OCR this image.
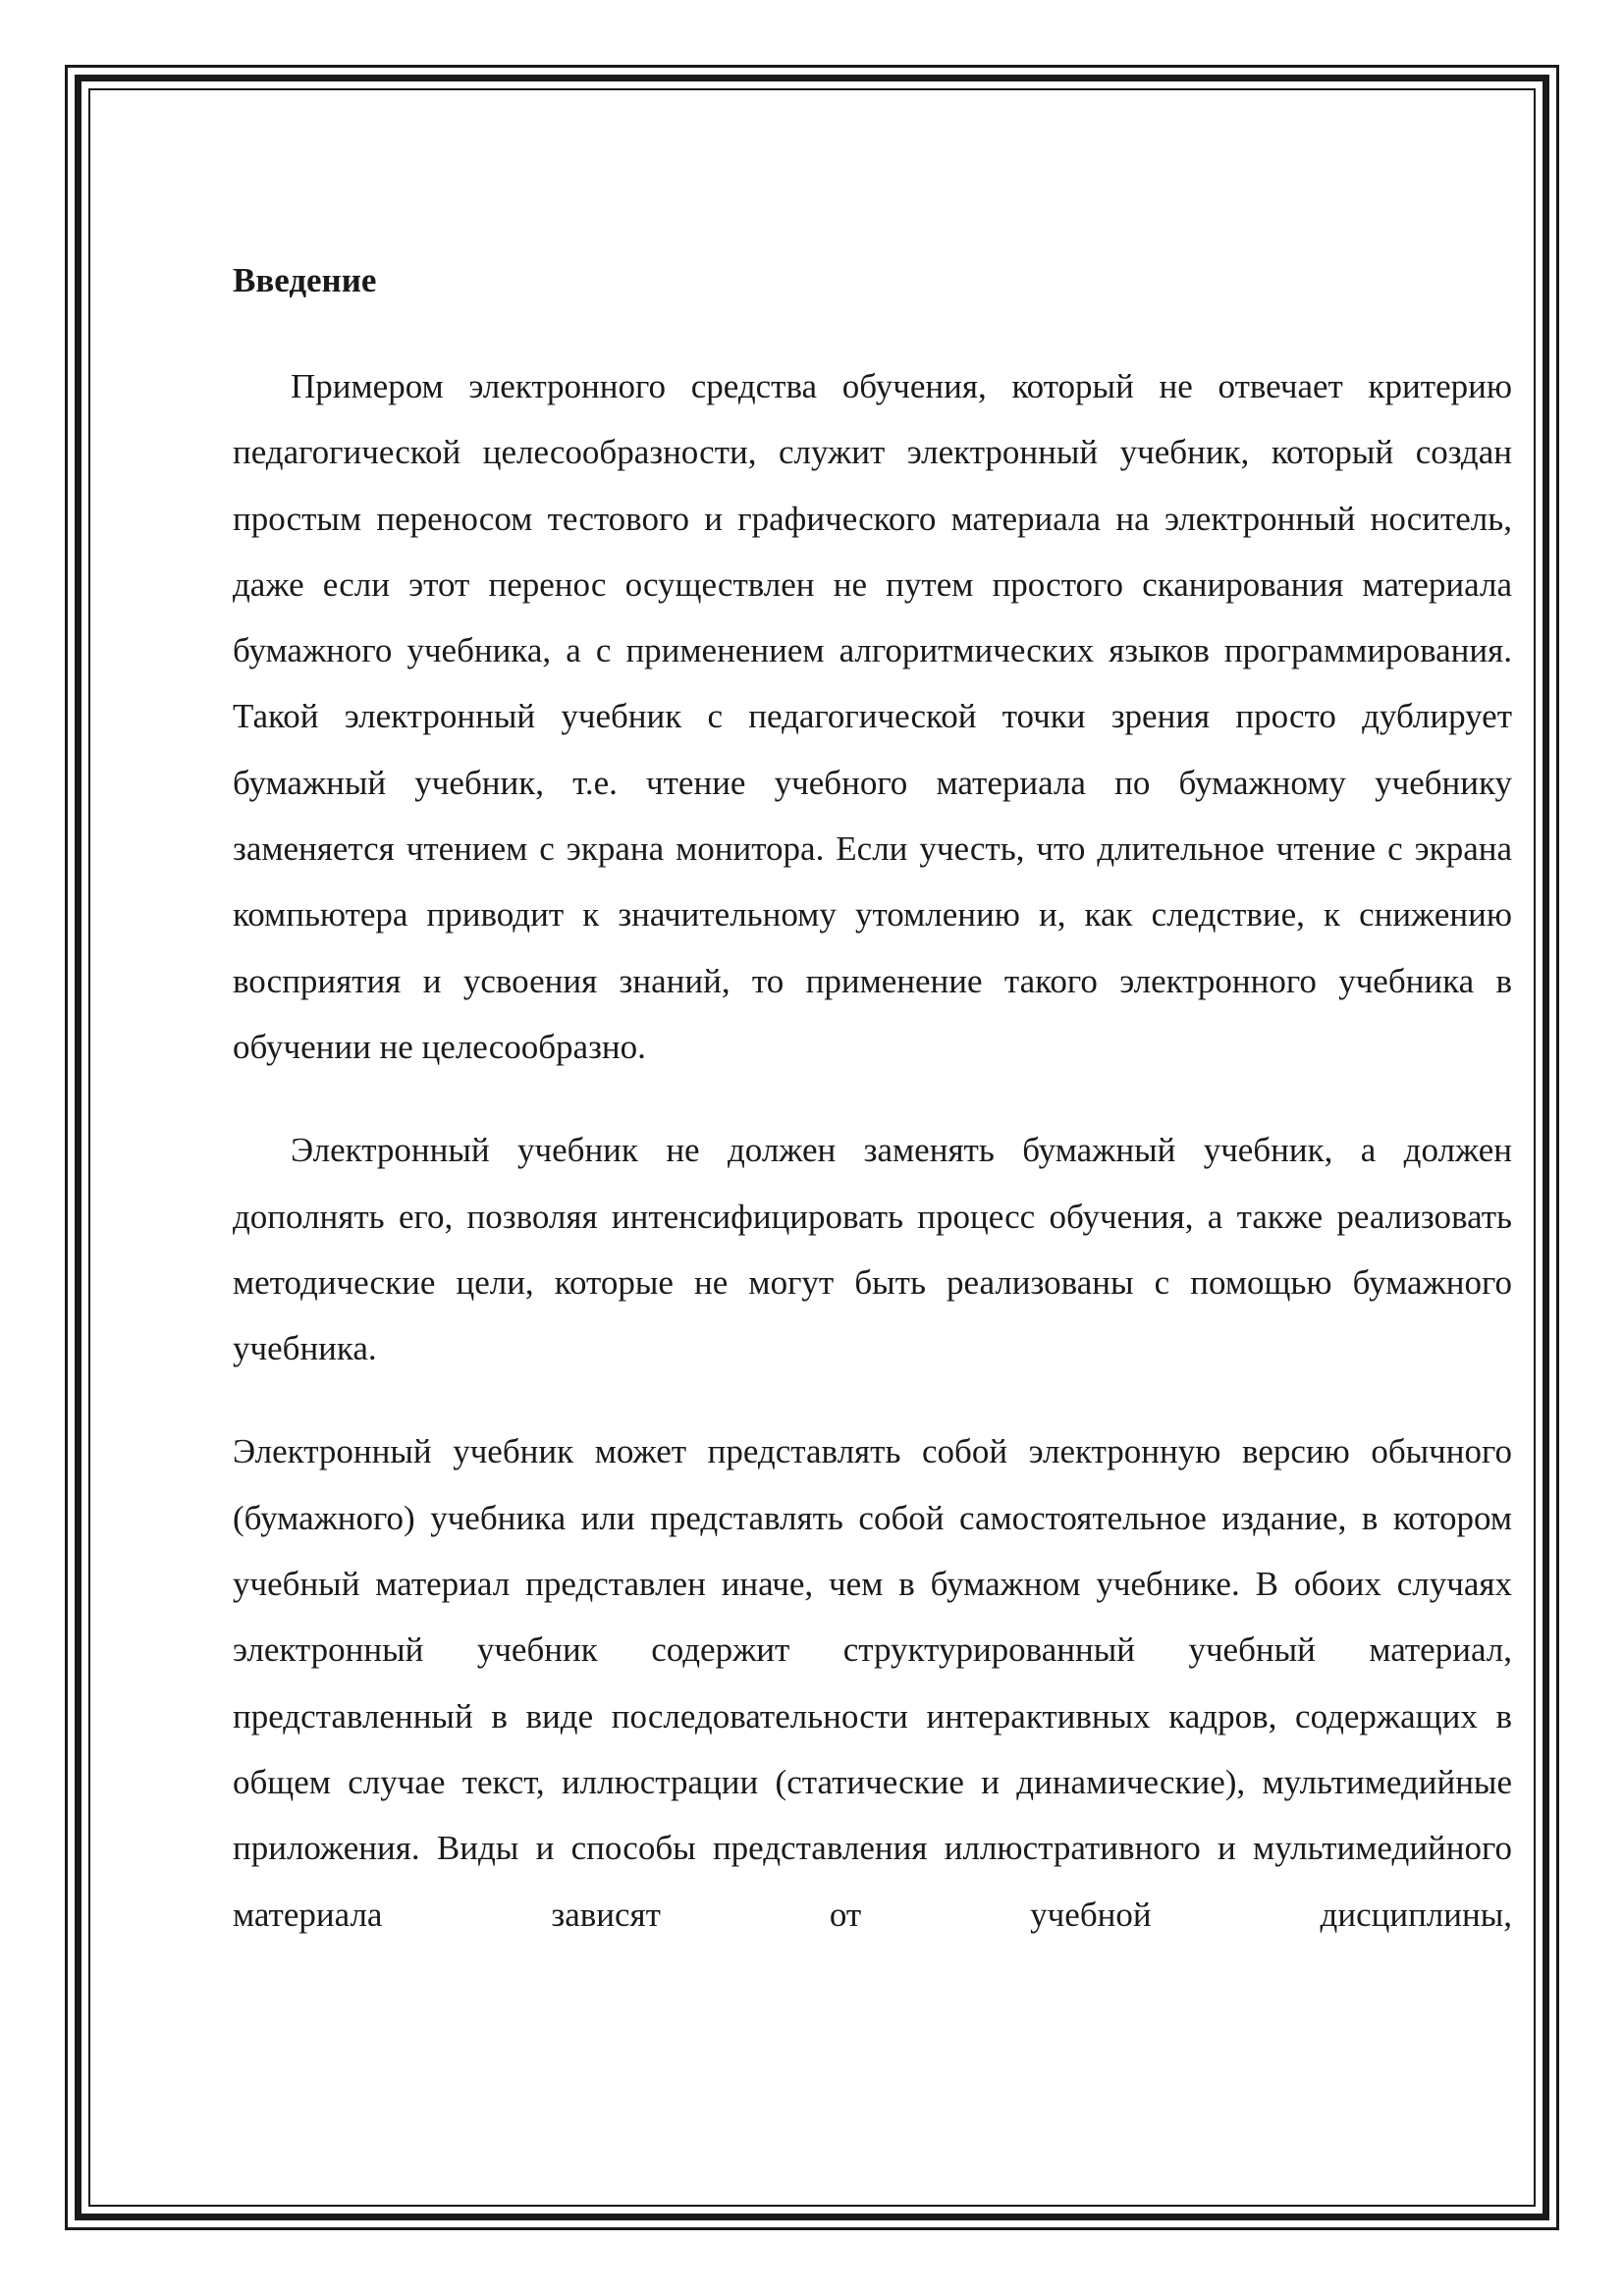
Введение

Примером электронного средства обучения, который не отвечает критерию педагогической целесообразности, служит электронный учебник, который создан простым переносом тестового и графического материала на электронный носитель, даже если этот перенос осуществлен не путем простого сканирования материала бумажного учебника, а с применением алгоритмических языков программирования. Такой электронный учебник с педагогической точки зрения просто дублирует бумажный учебник, т.е. чтение учебного материала по бумажному учебнику заменяется чтением с экрана монитора. Если учесть, что длительное чтение с экрана компьютера приводит к значительному утомлению и, как следствие, к снижению восприятия и усвоения знаний, то применение такого электронного учебника в обучении не целесообразно.

Электронный учебник не должен заменять бумажный учебник, а должен дополнять его, позволяя интенсифицировать процесс обучения, а также реализовать методические цели, которые не могут быть реализованы с помощью бумажного учебника.

Электронный учебник может представлять собой электронную версию обычного (бумажного) учебника или представлять собой самостоятельное издание, в котором учебный материал представлен иначе, чем в бумажном учебнике. В обоих случаях электронный учебник содержит структурированный учебный материал, представленный в виде последовательности интерактивных кадров, содержащих в общем случае текст, иллюстрации (статические и динамические), мультимедийные приложения. Виды и способы представления иллюстративного и мультимедийного материала зависят от учебной дисциплины,
